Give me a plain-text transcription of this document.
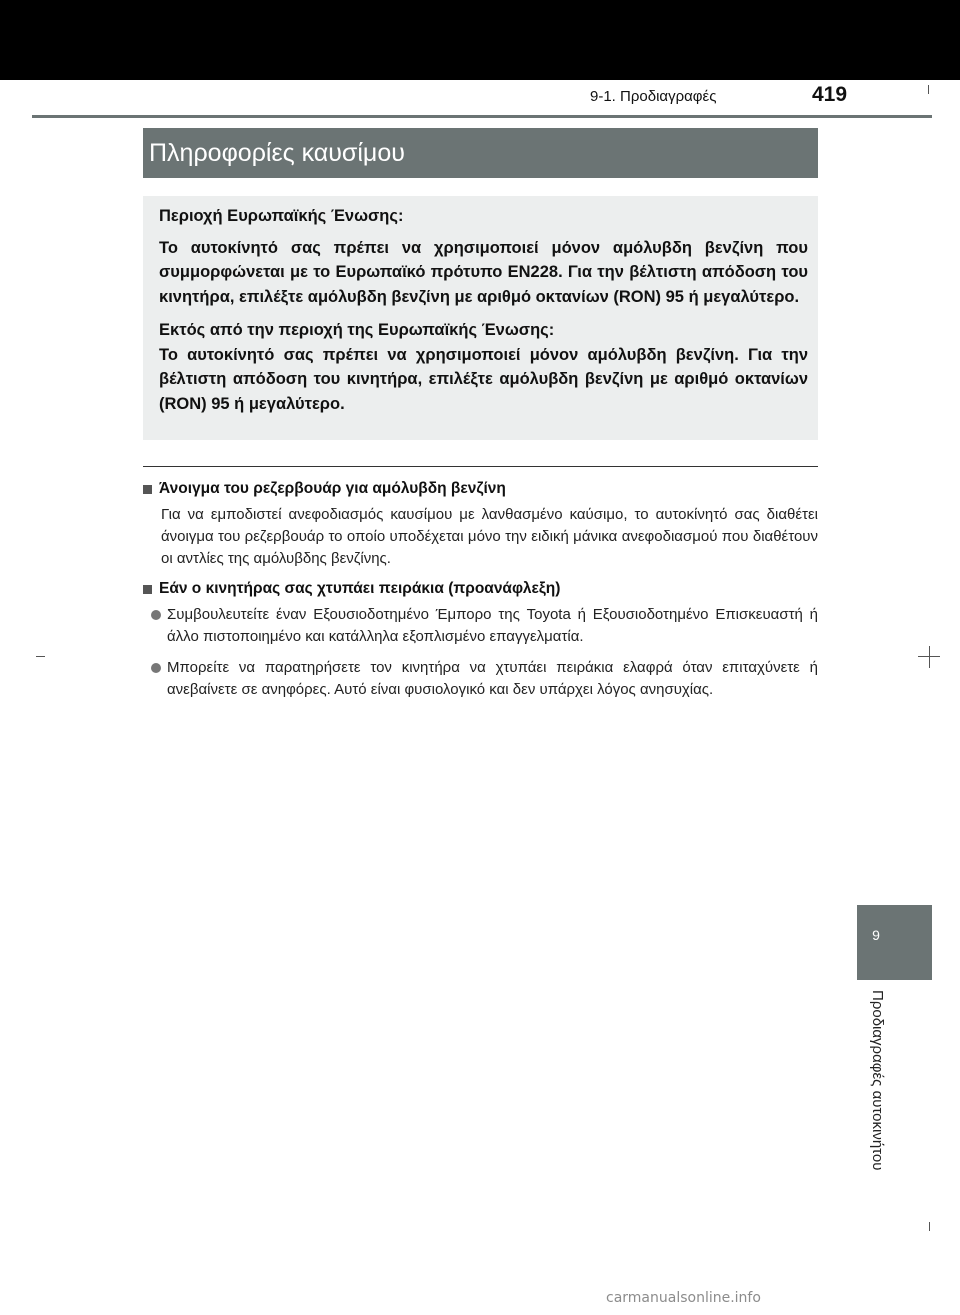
9-1. Προδιαγραφές	419
Πληροφορίες καυσίμου

Περιοχή Ευρωπαϊκής Ένωσης:

Το αυτοκίνητό σας πρέπει να χρησιμοποιεί μόνον αμόλυβδη βενζίνη που συμμορφώνεται με το Ευρωπαϊκό πρότυπο EN228. Για την βέλτιστη απόδοση του κινητήρα, επιλέξτε αμόλυβδη βενζίνη με αριθμό οκτανίων (RON) 95 ή μεγαλύτερο.

Εκτός από την περιοχή της Ευρωπαϊκής Ένωσης:

Το αυτοκίνητό σας πρέπει να χρησιμοποιεί μόνον αμόλυβδη βενζίνη. Για την βέλτιστη απόδοση του κινητήρα, επιλέξτε αμόλυβδη βενζίνη με αριθμό οκτανίων (RON) 95 ή μεγαλύτερο.

Άνοιγμα του ρεζερβουάρ για αμόλυβδη βενζίνη

Για να εμποδιστεί ανεφοδιασμός καυσίμου με λανθασμένο καύσιμο, το αυτοκίνητό σας διαθέτει άνοιγμα του ρεζερβουάρ το οποίο υποδέχεται μόνο την ειδική μάνικα ανεφοδιασμού που διαθέτουν οι αντλίες της αμόλυβδης βενζίνης.

Εάν ο κινητήρας σας χτυπάει πειράκια (προανάφλεξη)
Συμβουλευτείτε έναν Εξουσιοδοτημένο Έμπορο της Toyota ή Εξουσιοδοτημένο Επισκευαστή ή άλλο πιστοποιημένο και κατάλληλα εξοπλισμένο επαγγελματία.
Μπορείτε να παρατηρήσετε τον κινητήρα να χτυπάει πειράκια ελαφρά όταν επιταχύνετε ή ανεβαίνετε σε ανηφόρες. Αυτό είναι φυσιολογικό και δεν υπάρχει λόγος ανησυχίας.
9
Προδιαγραφές αυτοκινήτου
carmanualsonline.info
